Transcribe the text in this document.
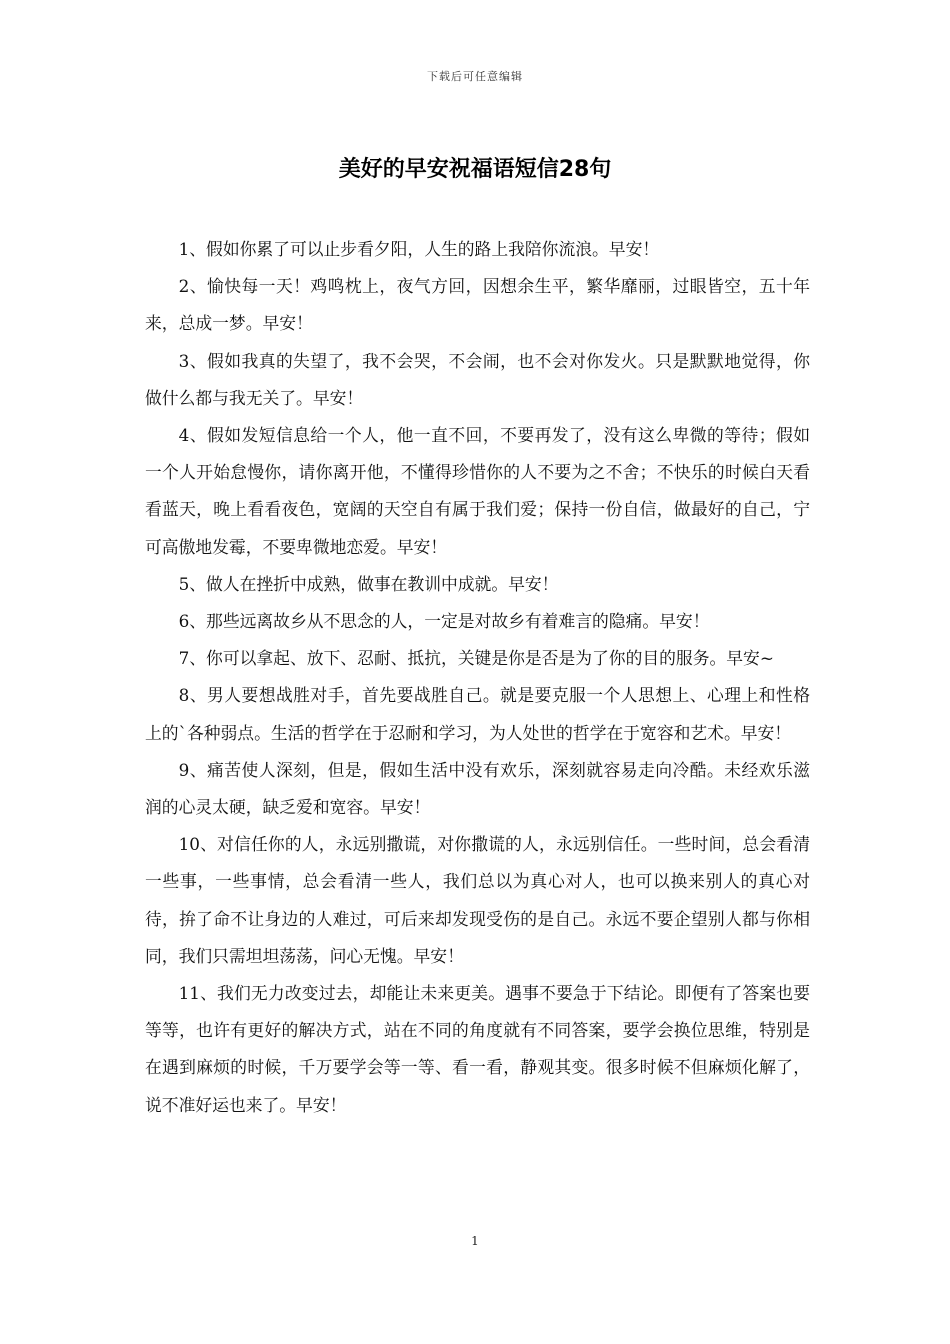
下载后可任意编辑
美好的早安祝福语短信28句

1、假如你累了可以止步看夕阳，人生的路上我陪你流浪。早安！

2、愉快每一天！鸡鸣枕上，夜气方回，因想余生平，繁华靡丽，过眼皆空，五十年来，总成一梦。早安！

3、假如我真的失望了，我不会哭，不会闹，也不会对你发火。只是默默地觉得，你做什么都与我无关了。早安！

4、假如发短信息给一个人，他一直不回，不要再发了，没有这么卑微的等待；假如一个人开始怠慢你，请你离开他，不懂得珍惜你的人不要为之不舍；不快乐的时候白天看看蓝天，晚上看看夜色，宽阔的天空自有属于我们爱；保持一份自信，做最好的自己，宁可高傲地发霉，不要卑微地恋爱。早安！

5、做人在挫折中成熟，做事在教训中成就。早安！

6、那些远离故乡从不思念的人，一定是对故乡有着难言的隐痛。早安！

7、你可以拿起、放下、忍耐、抵抗，关键是你是否是为了你的目的服务。早安~

8、男人要想战胜对手，首先要战胜自己。就是要克服一个人思想上、心理上和性格上的`各种弱点。生活的哲学在于忍耐和学习，为人处世的哲学在于宽容和艺术。早安！

9、痛苦使人深刻，但是，假如生活中没有欢乐，深刻就容易走向冷酷。未经欢乐滋润的心灵太硬，缺乏爱和宽容。早安！

10、对信任你的人，永远别撒谎，对你撒谎的人，永远别信任。一些时间，总会看清一些事，一些事情，总会看清一些人，我们总以为真心对人，也可以换来别人的真心对待，拚了命不让身边的人难过，可后来却发现受伤的是自己。永远不要企望别人都与你相同，我们只需坦坦荡荡，问心无愧。早安！

11、我们无力改变过去，却能让未来更美。遇事不要急于下结论。即便有了答案也要等等，也许有更好的解决方式，站在不同的角度就有不同答案，要学会换位思维，特别是在遇到麻烦的时候，千万要学会等一等、看一看，静观其变。很多时候不但麻烦化解了，说不准好运也来了。早安！

1
